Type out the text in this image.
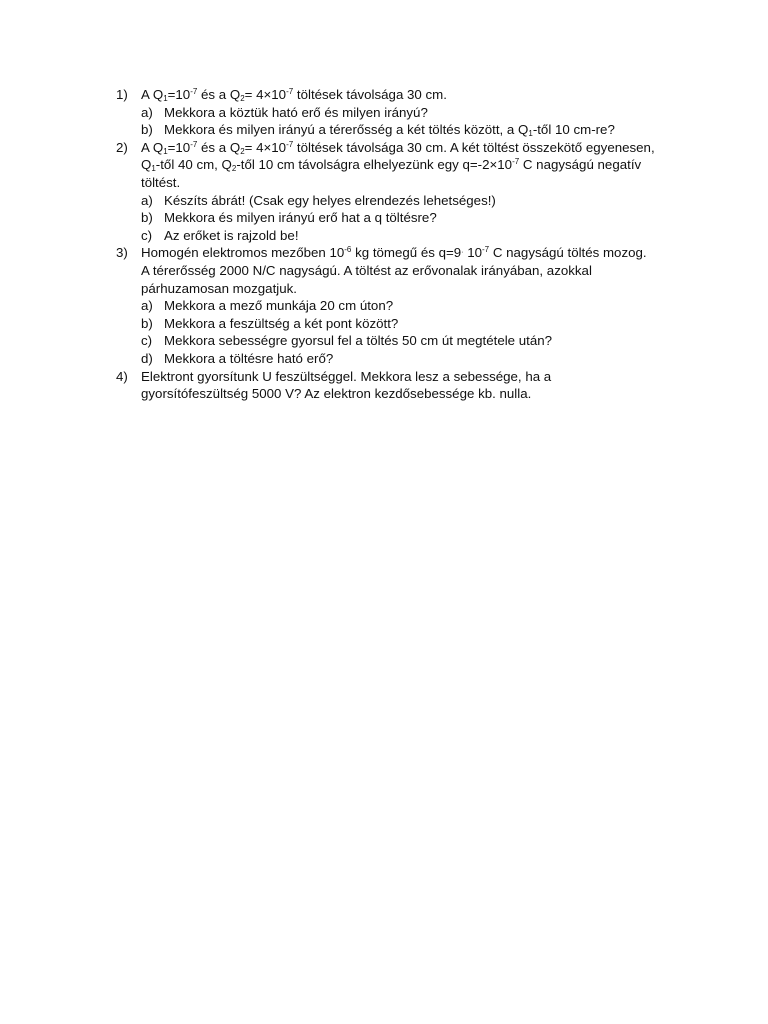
1) A $Q_1=10^{-7}$ és a $Q_2= 4\times 10^{-7}$ töltések távolsága 30 cm.
a) Mekkora a köztük ható erő és milyen irányú?
b) Mekkora és milyen irányú a térerősség a két töltés között, a $Q_1$-től 10 cm-re?
2) A $Q_1=10^{-7}$ és a $Q_2= 4\times 10^{-7}$ töltések távolsága 30 cm. A két töltést összekötő egyenesen, $Q_1$-től 40 cm, $Q_2$-től 10 cm távolságra elhelyezünk egy $q=-2\times 10^{-7}$ C nagyságú negatív töltést.
a) Készíts ábrát! (Csak egy helyes elrendezés lehetséges!)
b) Mekkora és milyen irányú erő hat a q töltésre?
c) Az erőket is rajzold be!
3) Homogén elektromos mezőben $10^{-6}$ kg tömegű és q=9· $10^{-7}$ C nagyságú töltés mozog. A térerősség 2000 N/C nagyságú. A töltést az erővonalak irányában, azokkal párhuzamosan mozgatjuk.
a) Mekkora a mező munkája 20 cm úton?
b) Mekkora a feszültség a két pont között?
c) Mekkora sebességre gyorsul fel a töltés 50 cm út megtétele után?
d) Mekkora a töltésre ható erő?
4) Elektront gyorsítunk U feszültséggel. Mekkora lesz a sebessége, ha a gyorsítófeszültség 5000 V? Az elektron kezdősebessége kb. nulla.
